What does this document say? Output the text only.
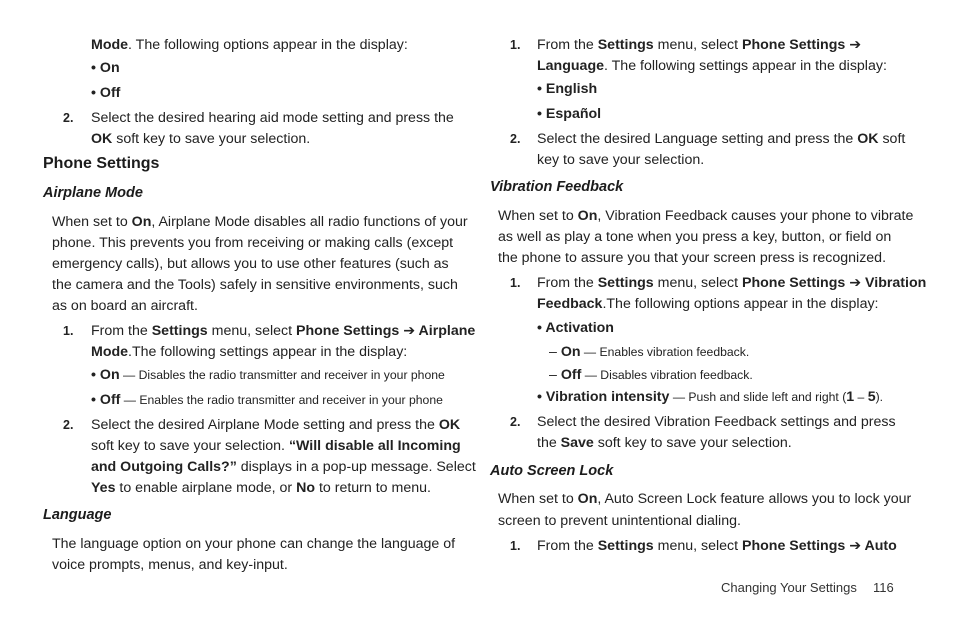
Mode. The following options appear in the display:
• On
• Off
2. Select the desired hearing aid mode setting and press the
OK soft key to save your selection.
Phone Settings
Airplane Mode
When set to On, Airplane Mode disables all radio functions of your
phone. This prevents you from receiving or making calls (except
emergency calls), but allows you to use other features (such as
the camera and the Tools) safely in sensitive environments, such
as on board an aircraft.
1. From the Settings menu, select Phone Settings ➔ Airplane
Mode.The following settings appear in the display:
• On — Disables the radio transmitter and receiver in your phone
• Off — Enables the radio transmitter and receiver in your phone
2. Select the desired Airplane Mode setting and press the OK
soft key to save your selection. “Will disable all Incoming
and Outgoing Calls?” displays in a pop-up message. Select
Yes to enable airplane mode, or No to return to menu.
Language
The language option on your phone can change the language of
voice prompts, menus, and key-input.
1. From the Settings menu, select Phone Settings ➔
Language. The following settings appear in the display:
• English
• Español
2. Select the desired Language setting and press the OK soft
key to save your selection.
Vibration Feedback
When set to On, Vibration Feedback causes your phone to vibrate
as well as play a tone when you press a key, button, or field on
the phone to assure you that your screen press is recognized.
1. From the Settings menu, select Phone Settings ➔ Vibration
Feedback.The following options appear in the display:
• Activation
– On — Enables vibration feedback.
– Off — Disables vibration feedback.
• Vibration intensity — Push and slide left and right (1 – 5).
2. Select the desired Vibration Feedback settings and press
the Save soft key to save your selection.
Auto Screen Lock
When set to On, Auto Screen Lock feature allows you to lock your
screen to prevent unintentional dialing.
1. From the Settings menu, select Phone Settings ➔ Auto
Changing Your Settings 116
